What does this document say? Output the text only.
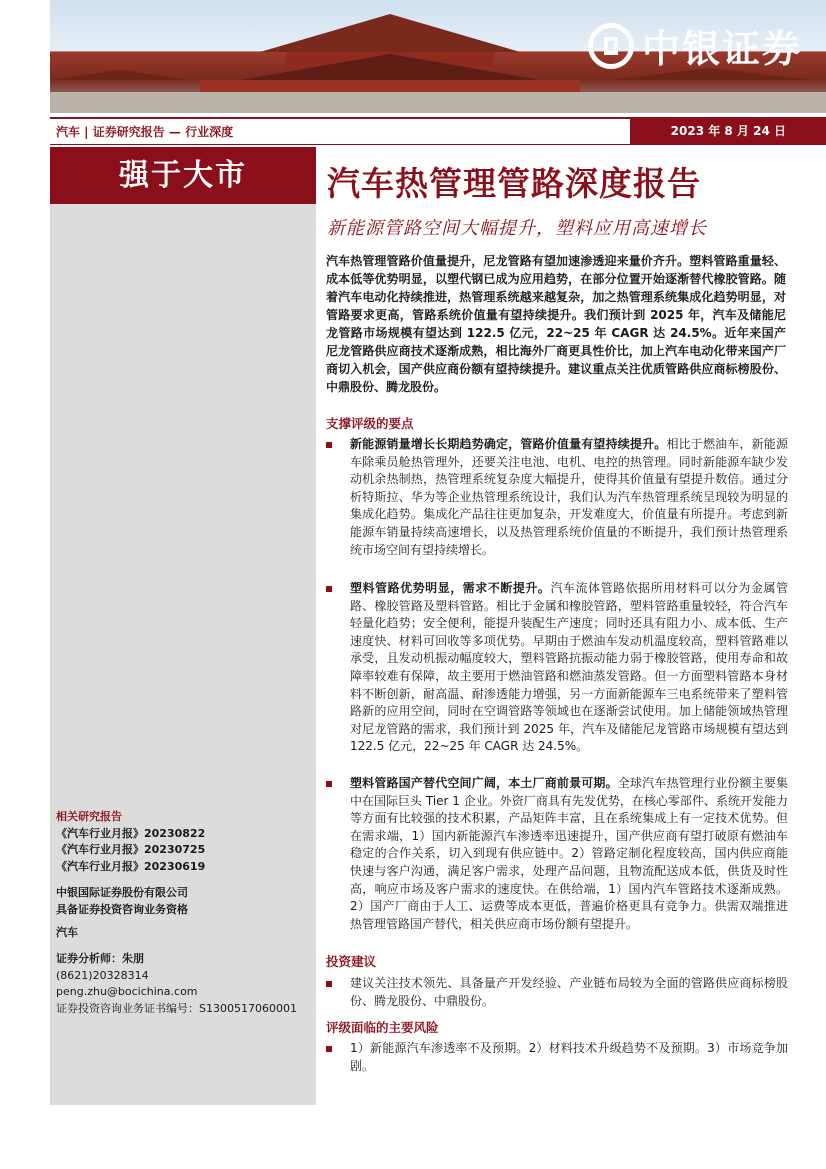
中银证券
汽车 | 证券研究报告 — 行业深度	2023 年 8 月 24 日
强于大市
相关研究报告
《汽车行业月报》20230822
《汽车行业月报》20230725
《汽车行业月报》20230619
中银国际证券股份有限公司
具备证券投资咨询业务资格
汽车
证券分析师：朱朋
(8621)20328314
peng.zhu@bocichina.com
证券投资咨询业务证书编号：S1300517060001
汽车热管理管路深度报告
新能源管路空间大幅提升，塑料应用高速增长
汽车热管理管路价值量提升，尼龙管路有望加速渗透迎来量价齐升。塑料管路重量轻、成本低等优势明显，以塑代钢已成为应用趋势，在部分位置开始逐渐替代橡胶管路。随着汽车电动化持续推进，热管理系统越来越复杂，加之热管理系统集成化趋势明显，对管路要求更高，管路系统价值量有望持续提升。我们预计到 2025 年，汽车及储能尼龙管路市场规模有望达到 122.5 亿元，22~25 年 CAGR 达 24.5%。近年来国产尼龙管路供应商技术逐渐成熟，相比海外厂商更具性价比，加上汽车电动化带来国产厂商切入机会，国产供应商份额有望持续提升。建议重点关注优质管路供应商标榜股份、中鼎股份、腾龙股份。
支撑评级的要点
新能源销量增长长期趋势确定，管路价值量有望持续提升。相比于燃油车，新能源车除乘员舱热管理外，还要关注电池、电机、电控的热管理。同时新能源车缺少发动机余热制热，热管理系统复杂度大幅提升，使得其价值量有望提升数倍。通过分析特斯拉、华为等企业热管理系统设计，我们认为汽车热管理系统呈现较为明显的集成化趋势。集成化产品往往更加复杂，开发难度大，价值量有所提升。考虑到新能源车销量持续高速增长，以及热管理系统价值量的不断提升，我们预计热管理系统市场空间有望持续增长。
塑料管路优势明显，需求不断提升。汽车流体管路依据所用材料可以分为金属管路、橡胶管路及塑料管路。相比于金属和橡胶管路，塑料管路重量较轻，符合汽车轻量化趋势；安全便利，能提升装配生产速度；同时还具有阻力小、成本低、生产速度快、材料可回收等多项优势。早期由于燃油车发动机温度较高，塑料管路难以承受，且发动机振动幅度较大，塑料管路抗振动能力弱于橡胶管路，使用寿命和故障率较难有保障，故主要用于燃油管路和燃油蒸发管路。但一方面塑料管路本身材料不断创新，耐高温、耐渗透能力增强，另一方面新能源车三电系统带来了塑料管路新的应用空间，同时在空调管路等领域也在逐渐尝试使用。加上储能领域热管理对尼龙管路的需求，我们预计到 2025 年，汽车及储能尼龙管路市场规模有望达到 122.5 亿元，22~25 年 CAGR 达 24.5%。
塑料管路国产替代空间广阔，本土厂商前景可期。全球汽车热管理行业份额主要集中在国际巨头 Tier 1 企业。外资厂商具有先发优势，在核心零部件、系统开发能力等方面有比较强的技术积累，产品矩阵丰富，且在系统集成上有一定技术优势。但在需求端，1）国内新能源汽车渗透率迅速提升，国产供应商有望打破原有燃油车稳定的合作关系，切入到现有供应链中。2）管路定制化程度较高，国内供应商能快速与客户沟通，满足客户需求，处理产品问题，且物流配送成本低，供货及时性高，响应市场及客户需求的速度快。在供给端，1）国内汽车管路技术逐渐成熟。2）国产厂商由于人工、运费等成本更低，普遍价格更具有竞争力。供需双端推进热管理管路国产替代，相关供应商市场份额有望提升。
投资建议
建议关注技术领先、具备量产开发经验、产业链布局较为全面的管路供应商标榜股份、腾龙股份、中鼎股份。
评级面临的主要风险
1）新能源汽车渗透率不及预期。2）材料技术升级趋势不及预期。3）市场竞争加剧。
